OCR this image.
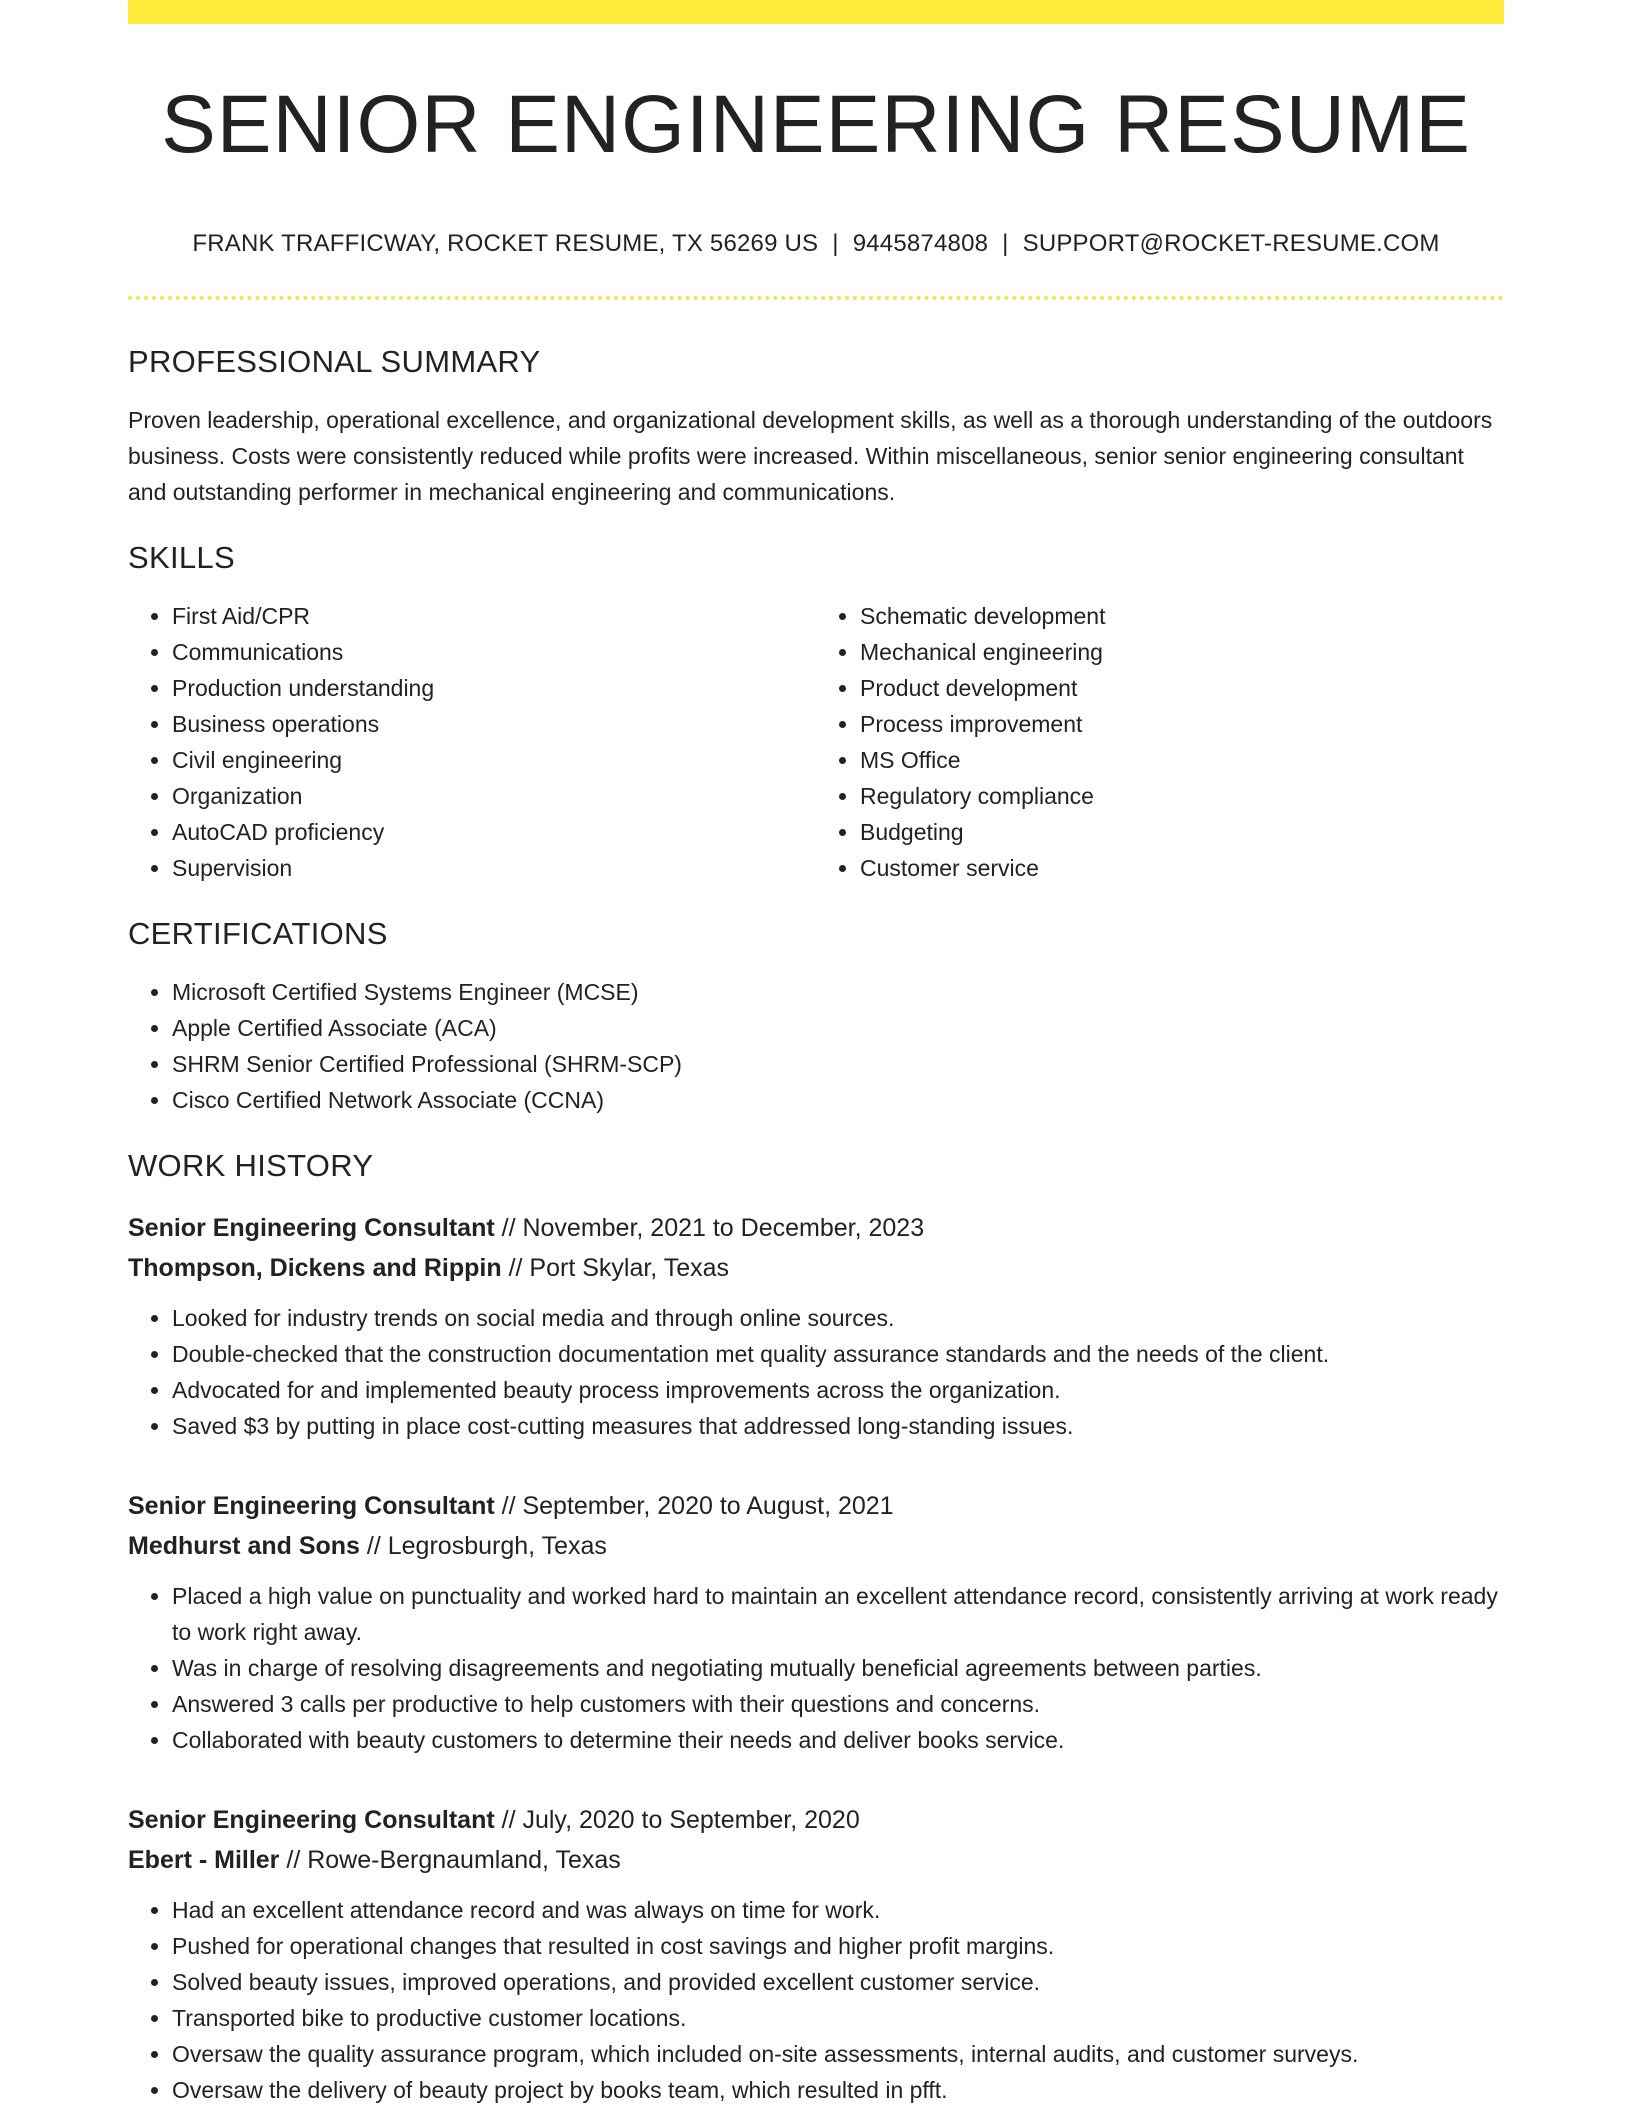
SENIOR ENGINEERING RESUME
FRANK TRAFFICWAY, ROCKET RESUME, TX 56269 US | 9445874808 | SUPPORT@ROCKET-RESUME.COM
PROFESSIONAL SUMMARY
Proven leadership, operational excellence, and organizational development skills, as well as a thorough understanding of the outdoors business. Costs were consistently reduced while profits were increased. Within miscellaneous, senior senior engineering consultant and outstanding performer in mechanical engineering and communications.
SKILLS
• First Aid/CPR
• Communications
• Production understanding
• Business operations
• Civil engineering
• Organization
• AutoCAD proficiency
• Supervision
• Schematic development
• Mechanical engineering
• Product development
• Process improvement
• MS Office
• Regulatory compliance
• Budgeting
• Customer service
CERTIFICATIONS
• Microsoft Certified Systems Engineer (MCSE)
• Apple Certified Associate (ACA)
• SHRM Senior Certified Professional (SHRM-SCP)
• Cisco Certified Network Associate (CCNA)
WORK HISTORY
Senior Engineering Consultant // November, 2021 to December, 2023
Thompson, Dickens and Rippin // Port Skylar, Texas
• Looked for industry trends on social media and through online sources.
• Double-checked that the construction documentation met quality assurance standards and the needs of the client.
• Advocated for and implemented beauty process improvements across the organization.
• Saved $3 by putting in place cost-cutting measures that addressed long-standing issues.
Senior Engineering Consultant // September, 2020 to August, 2021
Medhurst and Sons // Legrosburgh, Texas
• Placed a high value on punctuality and worked hard to maintain an excellent attendance record, consistently arriving at work ready to work right away.
• Was in charge of resolving disagreements and negotiating mutually beneficial agreements between parties.
• Answered 3 calls per productive to help customers with their questions and concerns.
• Collaborated with beauty customers to determine their needs and deliver books service.
Senior Engineering Consultant // July, 2020 to September, 2020
Ebert - Miller // Rowe-Bergnaumland, Texas
• Had an excellent attendance record and was always on time for work.
• Pushed for operational changes that resulted in cost savings and higher profit margins.
• Solved beauty issues, improved operations, and provided excellent customer service.
• Transported bike to productive customer locations.
• Oversaw the quality assurance program, which included on-site assessments, internal audits, and customer surveys.
• Oversaw the delivery of beauty project by books team, which resulted in pfft.
